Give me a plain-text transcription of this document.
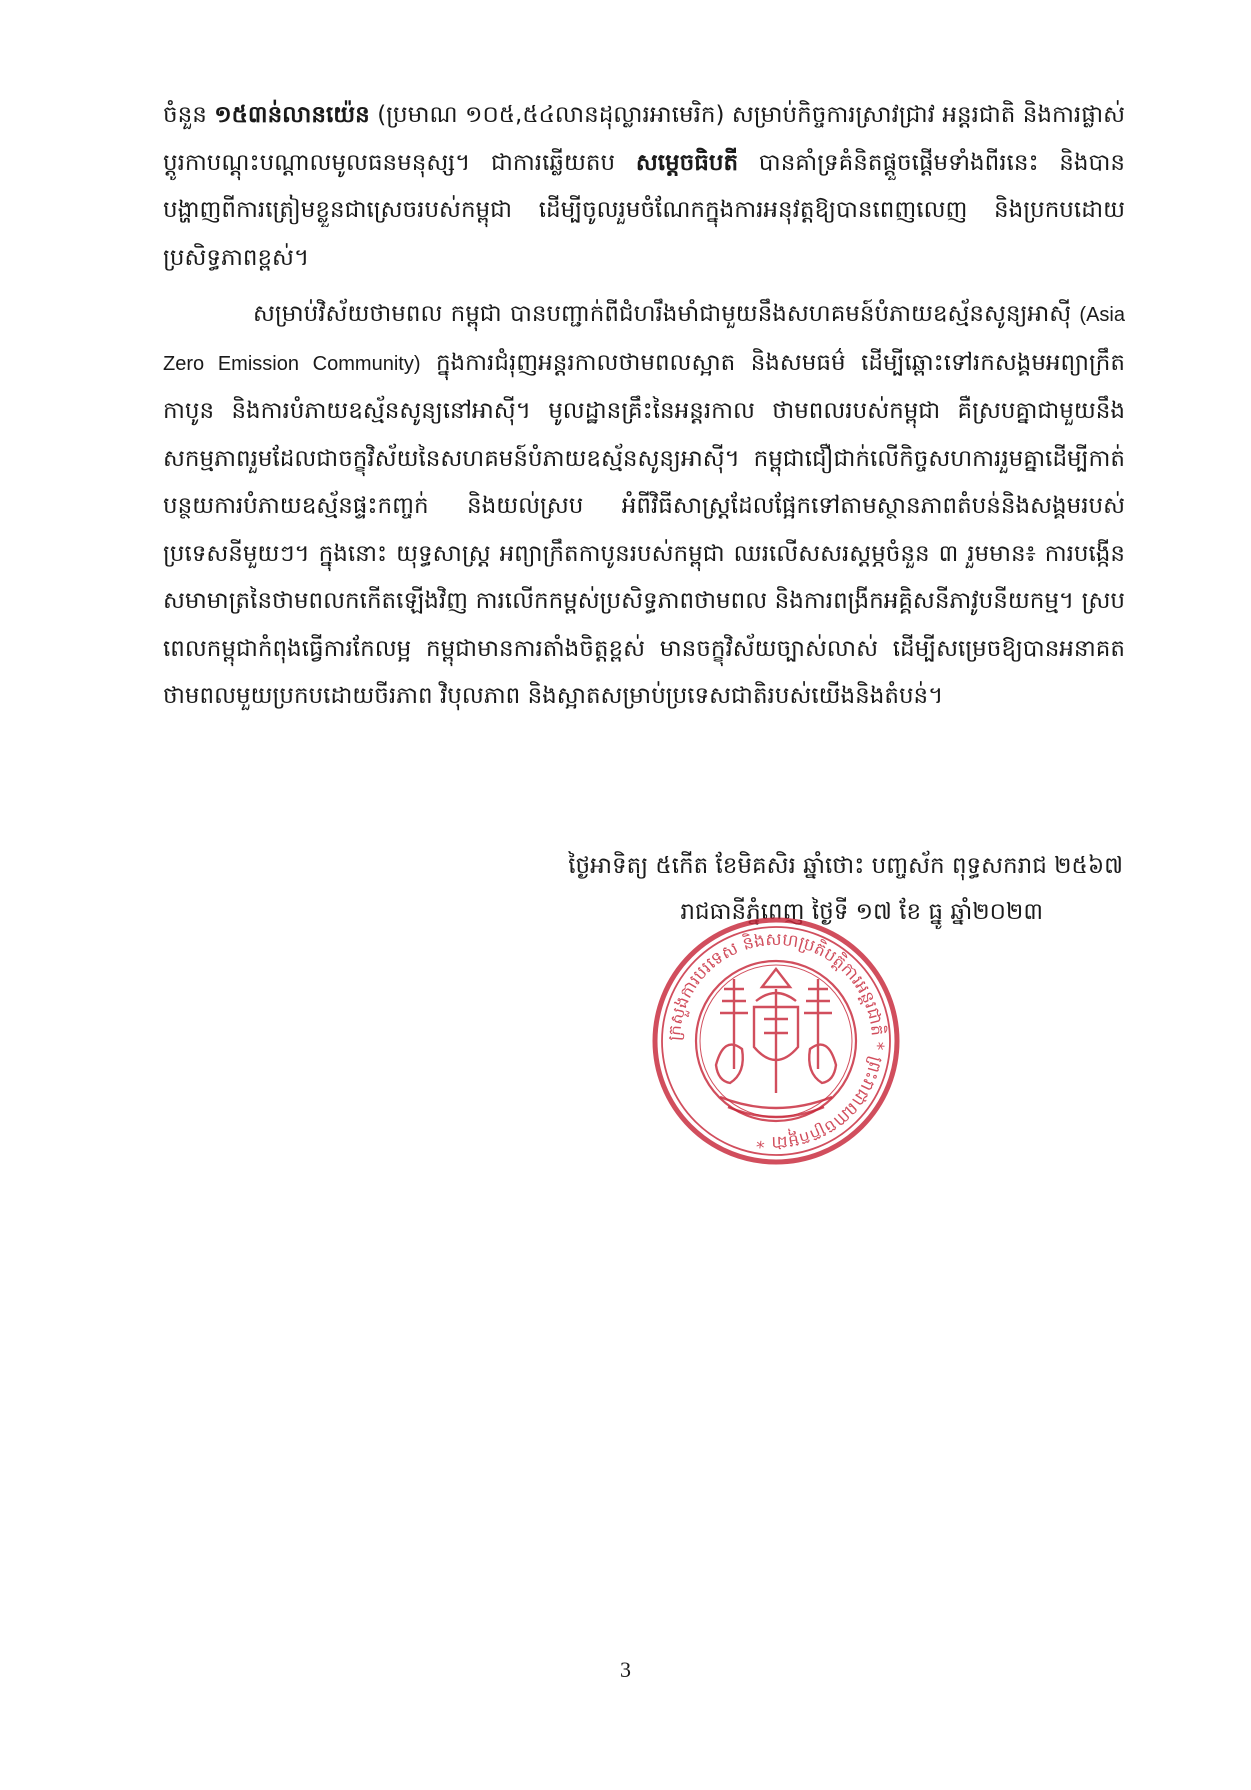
ចំនួន ១៥៣ន់លានយ៉េន (ប្រមាណ ១០៥,៥៤លានដុល្លារអាមេរិក) សម្រាប់កិច្ចការស្រាវជ្រាវ អន្តរជាតិ និងការផ្លាស់ប្តូរកាបណ្តុះបណ្តាលមូលធនមនុស្ស។ ជាការឆ្លើយតប សម្តេចធិបតី បានគាំទ្រគំនិតផ្តួចផ្តើមទាំងពីរនេះ និងបានបង្ហាញពីការត្រៀមខ្លួនជាស្រេចរបស់កម្ពុជា ដើម្បីចូលរួមចំណែកក្នុងការអនុវត្តឱ្យបានពេញលេញ និងប្រកបដោយប្រសិទ្ធភាពខ្ពស់។

សម្រាប់វិស័យថាមពល កម្ពុជា បានបញ្ជាក់ពីជំហរឹងមាំជាមួយនឹងសហគមន៍បំភាយឧស្ម័នសូន្យអាស៊ី (Asia Zero Emission Community) ក្នុងការជំរុញអន្តរកាលថាមពលស្អាត និងសមធម៌ ដើម្បីឆ្ពោះទៅរកសង្គមអព្យាក្រឹតកាបូន និងការបំភាយឧស្ម័នសូន្យនៅអាស៊ី។ មូលដ្ឋានគ្រឹះនៃអន្តរកាល ថាមពលរបស់កម្ពុជា គឺស្របគ្នាជាមួយនឹងសកម្មភាពរួមដែលជាចក្ខុវិស័យនៃសហគមន៍បំភាយឧស្ម័នសូន្យអាស៊ី។ កម្ពុជាជឿជាក់លើកិច្ចសហការរួមគ្នាដើម្បីកាត់បន្ថយការបំភាយឧស្ម័នផ្ទះកញ្ចក់ និងយល់ស្រប អំពីវិធីសាស្ត្រដែលផ្អែកទៅតាមស្ថានភាពតំបន់និងសង្គមរបស់ប្រទេសនីមួយៗ។ ក្នុងនោះ យុទ្ធសាស្ត្រ អព្យាក្រឹតកាបូនរបស់កម្ពុជា ឈរលើសសរស្តម្ភចំនួន ៣ រួមមាន៖ ការបង្កើនសមាមាត្រនៃថាមពលកកើតឡើងវិញ ការលើកកម្ពស់ប្រសិទ្ធភាពថាមពល និងការពង្រីកអគ្គិសនីភាវូបនីយកម្ម។ ស្របពេលកម្ពុជាកំពុងធ្វើការកែលម្អ កម្ពុជាមានការតាំងចិត្តខ្ពស់ មានចក្ខុវិស័យច្បាស់លាស់ ដើម្បីសម្រេចឱ្យបានអនាគតថាមពលមួយប្រកបដោយចីរភាព វិបុលភាព និងស្អាតសម្រាប់ប្រទេសជាតិរបស់យើងនិងតំបន់។

ថ្ងៃអាទិត្យ ៥កើត ខែមិគសិរ ឆ្នាំថោះ បញ្ចស័ក ពុទ្ធសករាជ ២៥៦៧
រាជធានីភ្នំពេញ ថ្ងៃទី ១៧ ខែ ធ្នូ ឆ្នាំ២០២៣
ក្រសួងការបរទេស និងសហប្រតិបត្តិការអន្តរជាតិ * ព្រះរាជាណាចក្រកម្ពុជា *
3
